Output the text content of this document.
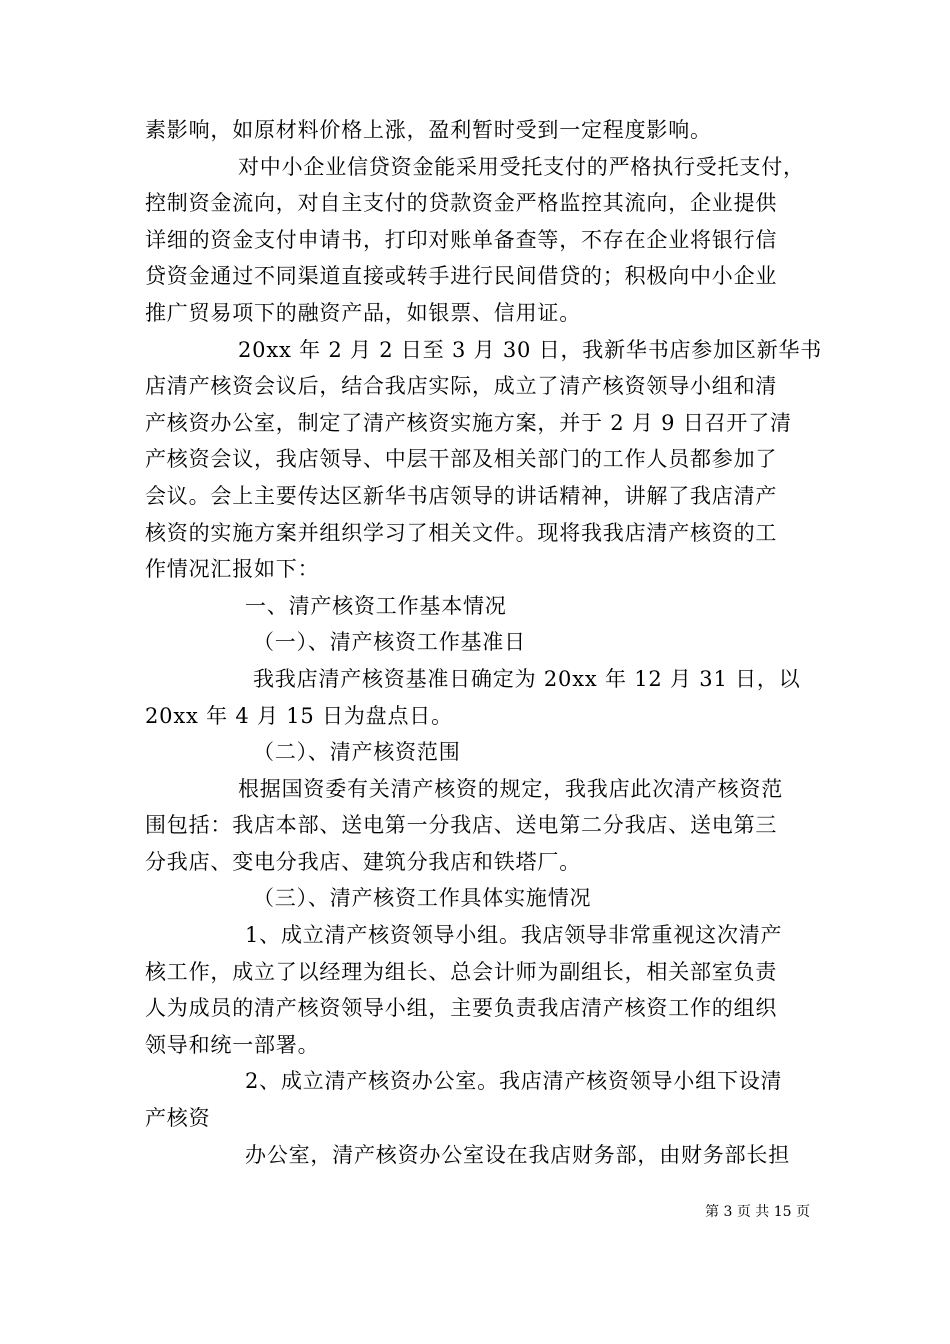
素影响，如原材料价格上涨，盈利暂时受到一定程度影响。
对中小企业信贷资金能采用受托支付的严格执行受托支付，
控制资金流向，对自主支付的贷款资金严格监控其流向，企业提供
详细的资金支付申请书，打印对账单备查等，不存在企业将银行信
贷资金通过不同渠道直接或转手进行民间借贷的；积极向中小企业
推广贸易项下的融资产品，如银票、信用证。
20xx 年 2 月 2 日至 3 月 30 日，我新华书店参加区新华书
店清产核资会议后，结合我店实际，成立了清产核资领导小组和清
产核资办公室，制定了清产核资实施方案，并于 2 月 9 日召开了清
产核资会议，我店领导、中层干部及相关部门的工作人员都参加了
会议。会上主要传达区新华书店领导的讲话精神，讲解了我店清产
核资的实施方案并组织学习了相关文件。现将我我店清产核资的工
作情况汇报如下：
一、清产核资工作基本情况
（一）、清产核资工作基准日
我我店清产核资基准日确定为 20xx 年 12 月 31 日，以
20xx 年 4 月 15 日为盘点日。
（二）、清产核资范围
根据国资委有关清产核资的规定，我我店此次清产核资范
围包括：我店本部、送电第一分我店、送电第二分我店、送电第三
分我店、变电分我店、建筑分我店和铁塔厂。
（三）、清产核资工作具体实施情况
1、成立清产核资领导小组。我店领导非常重视这次清产
核工作，成立了以经理为组长、总会计师为副组长，相关部室负责
人为成员的清产核资领导小组，主要负责我店清产核资工作的组织
领导和统一部署。
2、成立清产核资办公室。我店清产核资领导小组下设清
产核资
办公室，清产核资办公室设在我店财务部，由财务部长担
第 3 页 共 15 页
